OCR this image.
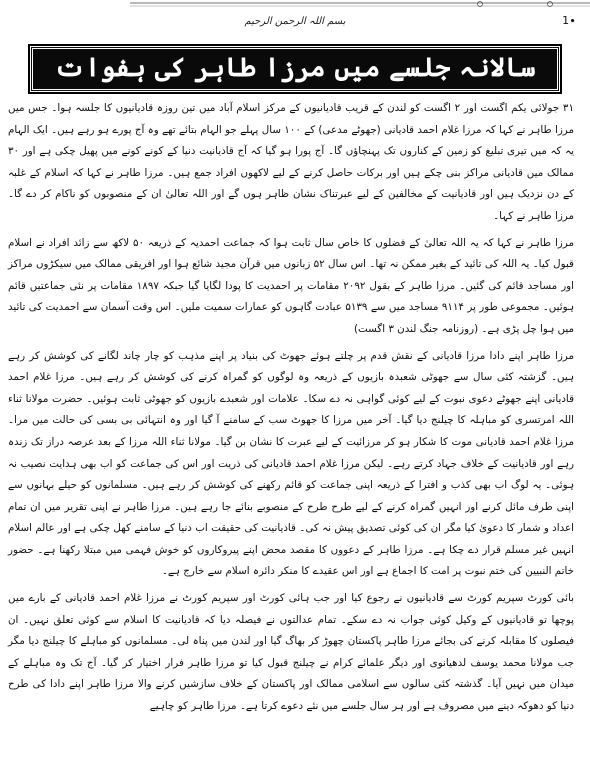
1∙
بسم اللہ الرحمن الرحیم
سالانہ جلسے میں مرزا طاہر کی ہفوات

۳۱ جولائی یکم اگست اور ۲ اگست کو لندن کے قریب قادیانیوں کے مرکز اسلام آباد میں تین روزہ قادیانیوں کا جلسہ ہوا۔ جس میں مرزا طاہر نے کہا کہ مرزا غلام احمد قادیانی (جھوٹے مدعی) کے ۱۰۰ سال پہلے جو الہام بتائے تھے وہ آج پورے ہو رہے ہیں۔ ایک الہام یہ کہ میں تیری تبلیغ کو زمین کے کناروں تک پہنچاؤں گا۔ آج پورا ہو گیا کہ آج قادیانیت دنیا کے کونے کونے میں پھیل چکی ہے اور ۳۰ ممالک میں قادیانی مراکز بنی چکے ہیں اور برکات حاصل کرنے کے لیے لاکھوں افراد جمع ہیں۔ مرزا طاہر نے کہا کہ اسلام کے غلبہ کے دن نزدیک ہیں اور قادیانیت کے مخالفین کے لیے عبرتناک نشان ظاہر ہوں گے اور اللہ تعالیٰ ان کے منصوبوں کو ناکام کر دے گا۔ مرزا طاہر نے کہا۔

مرزا طاہر نے کہا کہ یہ اللہ تعالیٰ کے فضلوں کا خاص سال ثابت ہوا کہ جماعت احمدیہ کے ذریعہ ۵۰ لاکھ سے زائد افراد نے اسلام قبول کیا۔ یہ اللہ کی تائید کے بغیر ممکن نہ تھا۔ اس سال ۵۲ زبانوں میں قرآن مجید شائع ہوا اور افریقی ممالک میں سیکڑوں مراکز اور مساجد قائم کی گئیں۔ مرزا طاہر کے بقول ۲۰۹۲ مقامات پر احمدیت کا پودا لگایا گیا جبکہ ۱۸۹۷ مقامات پر نئی جماعتیں قائم ہوئیں۔ مجموعی طور پر ۹۱۱۴ مساجد میں سے ۵۱۳۹ عبادت گاہوں کو عمارات سمیت ملیں۔ اس وقت آسمان سے احمدیت کی تائید میں ہوا چل پڑی ہے۔ (روزنامہ جنگ لندن ۳ اگست)

مرزا طاہر اپنے دادا مرزا قادیانی کے نقش قدم پر چلتے ہوئے جھوٹ کی بنیاد پر اپنے مذہب کو چار چاند لگانے کی کوشش کر رہے ہیں۔ گزشتہ کئی سال سے جھوٹی شعبدہ بازیوں کے ذریعہ وہ لوگوں کو گمراہ کرنے کی کوشش کر رہے ہیں۔ مرزا غلام احمد قادیانی اپنے جھوٹے دعوی نبوت کے لیے کوئی گواہی نہ دے سکا۔ علامات اور شعبدے بازیوں کو جھوٹی ثابت ہوئیں۔ حضرت مولانا ثناء اللہ امرتسری کو مباہلہ کا چیلنج دیا گیا۔ آخر میں مرزا کا جھوٹ سب کے سامنے آ گیا اور وہ انتہائی بی بسی کی حالت میں مرا۔ مرزا غلام احمد قادیانی موت کا شکار ہو کر مرزائیت کے لیے عبرت کا نشان بن گیا۔ مولانا ثناء اللہ مرزا کے بعد عرصہ دراز تک زندہ رہے اور قادیانیت کے خلاف جہاد کرتے رہے۔ لیکن مرزا غلام احمد قادیانی کی ذریت اور اس کی جماعت کو اب بھی ہدایت نصیب نہ ہوئی۔ یہ لوگ اب بھی کذب و افترا کے ذریعہ اپنی جماعت کو قائم رکھنے کی کوشش کر رہے ہیں۔ مسلمانوں کو حیلے بہانوں سے اپنی طرف مائل کرنے اور انہیں گمراہ کرنے کے لیے طرح طرح کے منصوبے بنائے جا رہے ہیں۔ مرزا طاہر نے اپنی تقریر میں ان تمام اعداد و شمار کا دعویٰ کیا مگر ان کی کوئی تصدیق پیش نہ کی۔ قادیانیت کی حقیقت اب دنیا کے سامنے کھل چکی ہے اور عالم اسلام انہیں غیر مسلم قرار دے چکا ہے۔ مرزا طاہر کے دعووں کا مقصد محض اپنے پیروکاروں کو خوش فہمی میں مبتلا رکھنا ہے۔ حضور خاتم النبیین کی ختم نبوت پر امت کا اجماع ہے اور اس عقیدے کا منکر دائرہ اسلام سے خارج ہے۔

بائی کورٹ سپریم کورٹ سے قادیانیوں نے رجوع کیا اور جب ہائی کورٹ اور سپریم کورٹ نے مرزا غلام احمد قادیانی کے بارے میں پوچھا تو قادیانیوں کے وکیل کوئی جواب نہ دے سکے۔ تمام عدالتوں نے فیصلہ دیا کہ قادیانیت کا اسلام سے کوئی تعلق نہیں۔ ان فیصلوں کا مقابلہ کرنے کی بجائے مرزا طاہر پاکستان چھوڑ کر بھاگ گیا اور لندن میں پناہ لی۔ مسلمانوں کو مباہلے کا چیلنج دیا مگر جب مولانا محمد یوسف لدھیانوی اور دیگر علمائے کرام نے چیلنج قبول کیا تو مرزا طاہر فرار اختیار کر گیا۔ آج تک وہ مباہلے کے میدان میں نہیں آیا۔ گذشتہ کئی سالوں سے اسلامی ممالک اور پاکستان کے خلاف سازشیں کرنے والا مرزا طاہر اپنے دادا کی طرح دنیا کو دھوکہ دینے میں مصروف ہے اور ہر سال جلسے میں نئے دعوے کرتا ہے۔ مرزا طاہر کو چاہیے
